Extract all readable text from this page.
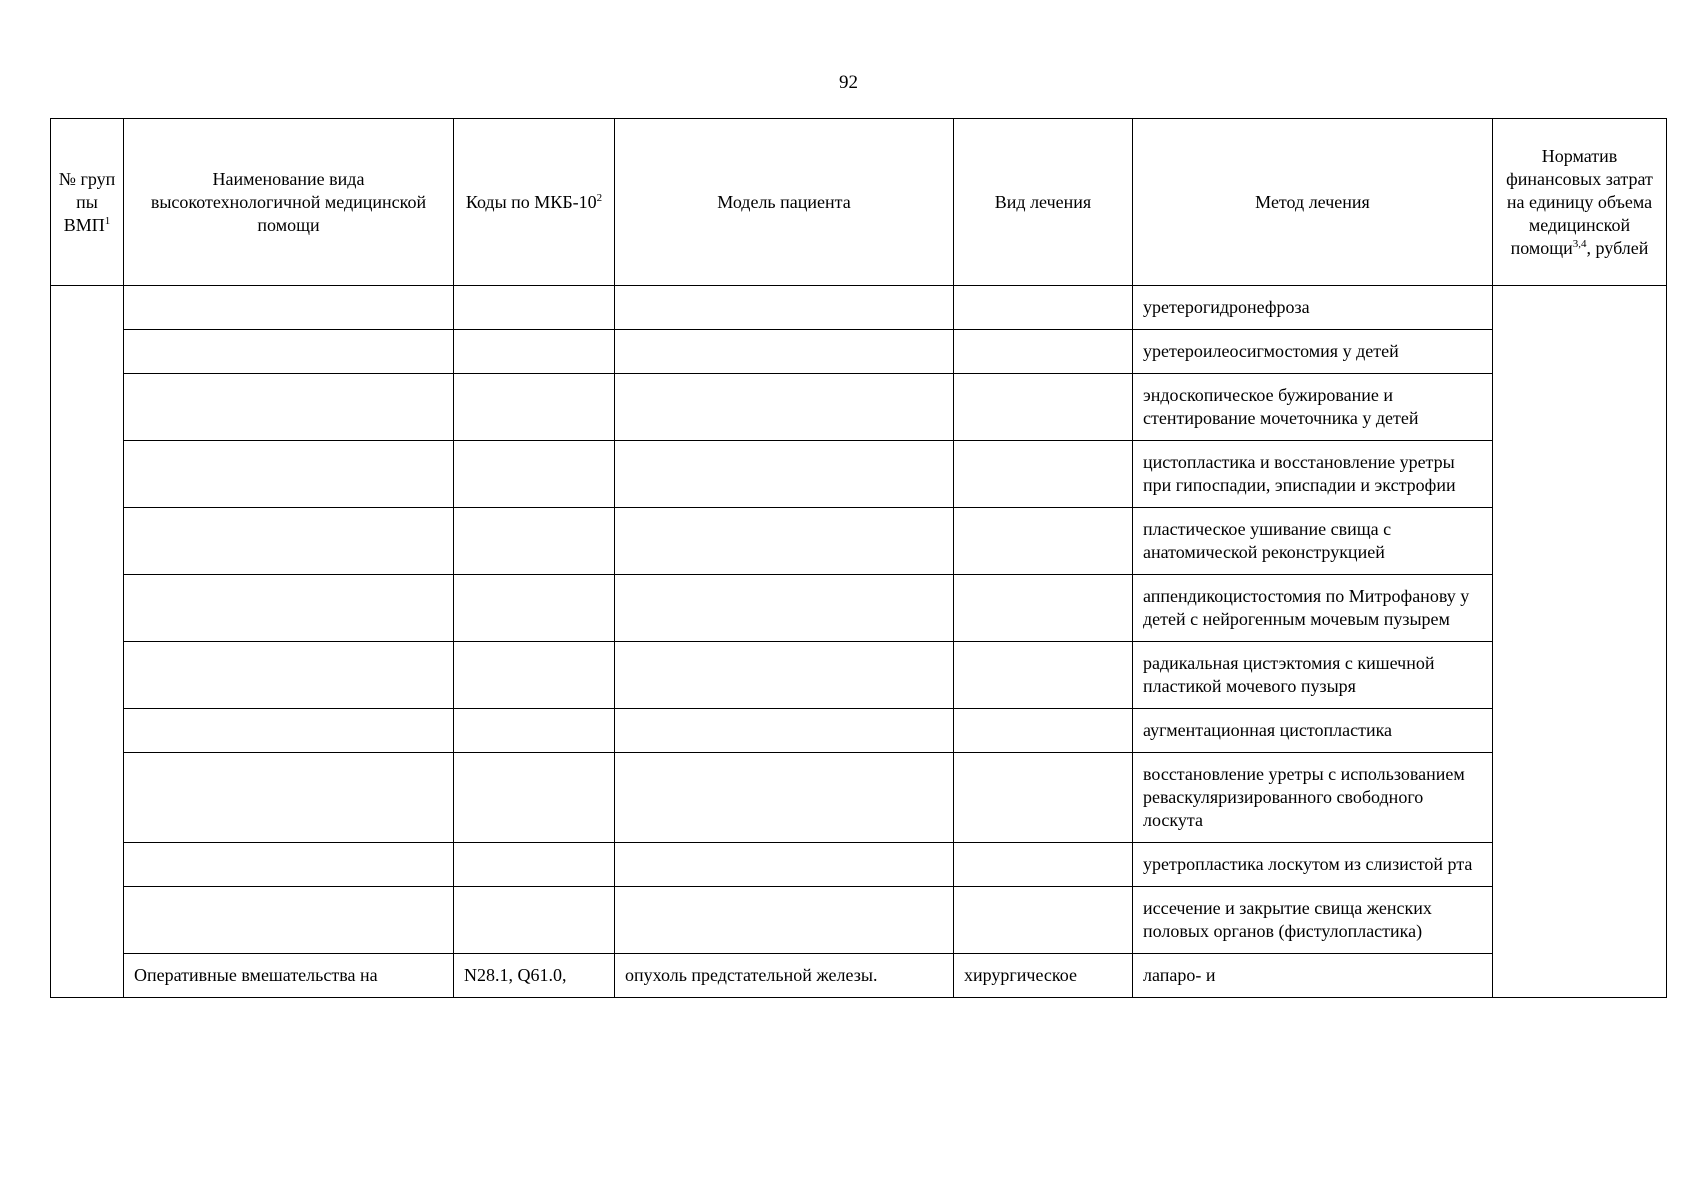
92
№ груп пы ВМП$^1$	Наименование вида высокотехнологичной медицинской помощи	Коды по МКБ-$10^2$	Модель пациента	Вид лечения	Метод лечения	Норматив финансовых затрат на единицу объема медицинской помощи$^{3,4}$, рублей
					уретерогидронефроза	
					уретероилеосигмостомия у детей	
					эндоскопическое бужирование и стентирование мочеточника у детей	
					цистопластика и восстановление уретры при гипоспадии, эписпадии и экстрофии	
					пластическое ушивание свища с анатомической реконструкцией	
					аппендикоцистостомия по Митрофанову у детей с нейрогенным мочевым пузырем	
					радикальная цистэктомия с кишечной пластикой мочевого пузыря	
					аугментационная цистопластика	
					восстановление уретры с использованием реваскуляризированного свободного лоскута	
					уретропластика лоскутом из слизистой рта	
					иссечение и закрытие свища женских половых органов (фистулопластика)	
	Оперативные вмешательства на	N28.1, Q61.0,	опухоль предстательной железы.	хирургическое	лапаро- и	
